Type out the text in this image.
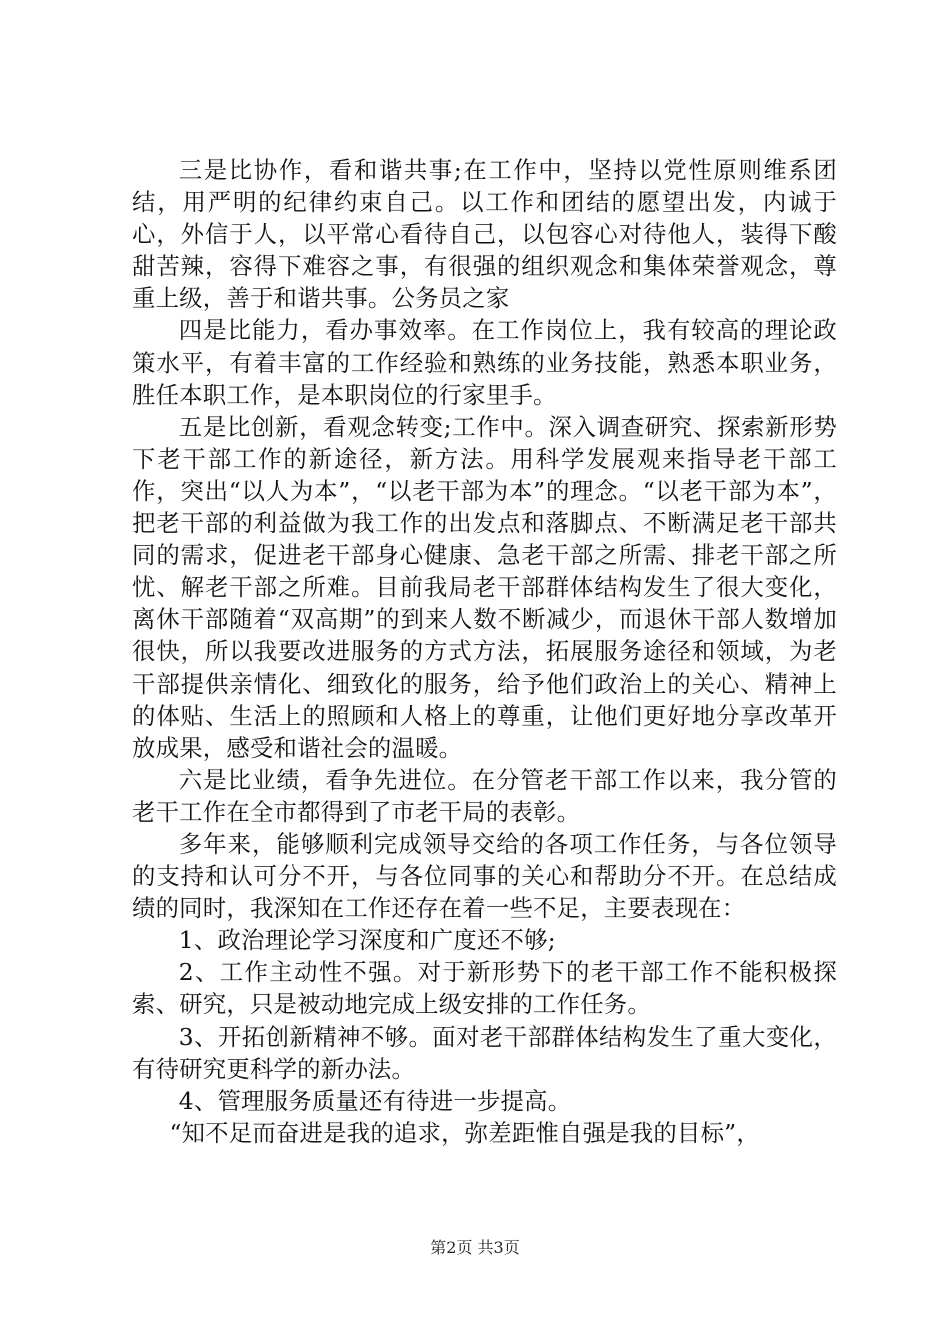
三是比协作，看和谐共事;在工作中，坚持以党性原则维系团结，用严明的纪律约束自己。以工作和团结的愿望出发，内诚于心，外信于人，以平常心看待自己，以包容心对待他人，装得下酸甜苦辣，容得下难容之事，有很强的组织观念和集体荣誉观念，尊重上级，善于和谐共事。公务员之家

四是比能力，看办事效率。在工作岗位上，我有较高的理论政策水平，有着丰富的工作经验和熟练的业务技能，熟悉本职业务，胜任本职工作，是本职岗位的行家里手。

五是比创新，看观念转变;工作中。深入调查研究、探索新形势下老干部工作的新途径，新方法。用科学发展观来指导老干部工作，突出“以人为本”，“以老干部为本”的理念。“以老干部为本”，把老干部的利益做为我工作的出发点和落脚点、不断满足老干部共同的需求，促进老干部身心健康、急老干部之所需、排老干部之所忧、解老干部之所难。目前我局老干部群体结构发生了很大变化，离休干部随着“双高期”的到来人数不断减少，而退休干部人数增加很快，所以我要改进服务的方式方法，拓展服务途径和领域，为老干部提供亲情化、细致化的服务，给予他们政治上的关心、精神上的体贴、生活上的照顾和人格上的尊重，让他们更好地分享改革开放成果，感受和谐社会的温暖。

六是比业绩，看争先进位。在分管老干部工作以来，我分管的老干工作在全市都得到了市老干局的表彰。

多年来，能够顺利完成领导交给的各项工作任务，与各位领导的支持和认可分不开，与各位同事的关心和帮助分不开。在总结成绩的同时，我深知在工作还存在着一些不足，主要表现在：

1、政治理论学习深度和广度还不够;

2、工作主动性不强。对于新形势下的老干部工作不能积极探索、研究，只是被动地完成上级安排的工作任务。

3、开拓创新精神不够。面对老干部群体结构发生了重大变化，有待研究更科学的新办法。

4、管理服务质量还有待进一步提高。

“知不足而奋进是我的追求，弥差距惟自强是我的目标”，

第2页 共3页
